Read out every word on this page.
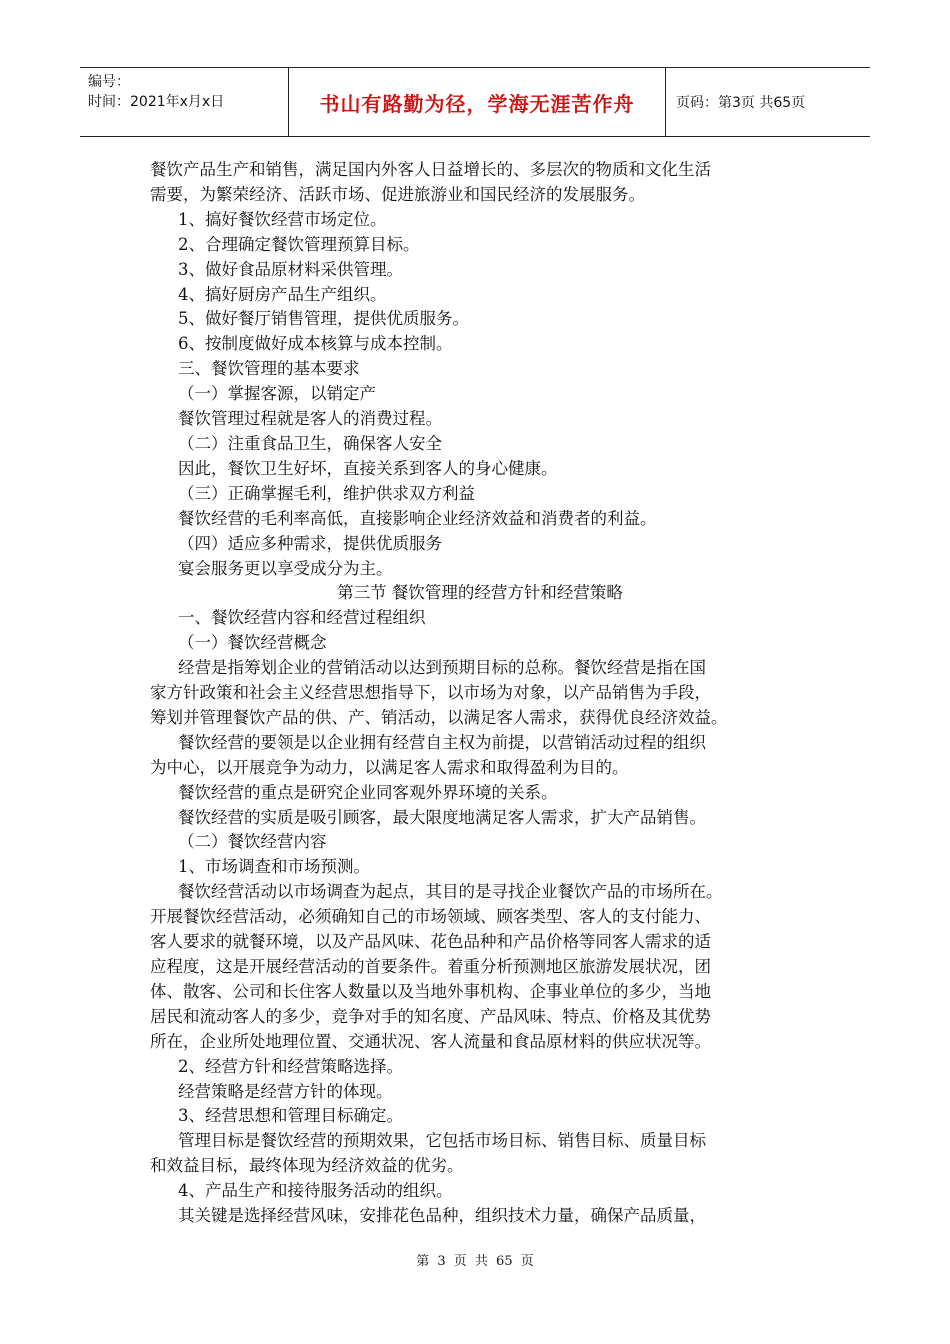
编号：
时间：2021年x月x日	书山有路勤为径，学海无涯苦作舟	页码：第3页 共65页

餐饮产品生产和销售，满足国内外客人日益增长的、多层次的物质和文化生活

需要，为繁荣经济、活跃市场、促进旅游业和国民经济的发展服务。

1、搞好餐饮经营市场定位。

2、合理确定餐饮管理预算目标。

3、做好食品原材料采供管理。

4、搞好厨房产品生产组织。

5、做好餐厅销售管理，提供优质服务。

6、按制度做好成本核算与成本控制。

三、餐饮管理的基本要求

（一）掌握客源，以销定产

餐饮管理过程就是客人的消费过程。

（二）注重食品卫生，确保客人安全

因此，餐饮卫生好坏，直接关系到客人的身心健康。

（三）正确掌握毛利，维护供求双方利益

餐饮经营的毛利率高低，直接影响企业经济效益和消费者的利益。

（四）适应多种需求，提供优质服务

宴会服务更以享受成分为主。

第三节 餐饮管理的经营方针和经营策略

一、餐饮经营内容和经营过程组织

（一）餐饮经营概念

经营是指筹划企业的营销活动以达到预期目标的总称。餐饮经营是指在国

家方针政策和社会主义经营思想指导下，以市场为对象，以产品销售为手段，

筹划并管理餐饮产品的供、产、销活动，以满足客人需求，获得优良经济效益。

餐饮经营的要领是以企业拥有经营自主权为前提，以营销活动过程的组织

为中心，以开展竞争为动力，以满足客人需求和取得盈利为目的。

餐饮经营的重点是研究企业同客观外界环境的关系。

餐饮经营的实质是吸引顾客，最大限度地满足客人需求，扩大产品销售。

（二）餐饮经营内容

1、市场调查和市场预测。

餐饮经营活动以市场调查为起点，其目的是寻找企业餐饮产品的市场所在。

开展餐饮经营活动，必须确知自己的市场领域、顾客类型、客人的支付能力、

客人要求的就餐环境，以及产品风味、花色品种和产品价格等同客人需求的适

应程度，这是开展经营活动的首要条件。着重分析预测地区旅游发展状况，团

体、散客、公司和长住客人数量以及当地外事机构、企事业单位的多少，当地

居民和流动客人的多少，竞争对手的知名度、产品风味、特点、价格及其优势

所在，企业所处地理位置、交通状况、客人流量和食品原材料的供应状况等。

2、经营方针和经营策略选择。

经营策略是经营方针的体现。

3、经营思想和管理目标确定。

管理目标是餐饮经营的预期效果，它包括市场目标、销售目标、质量目标

和效益目标，最终体现为经济效益的优劣。

4、产品生产和接待服务活动的组织。

其关键是选择经营风味，安排花色品种，组织技术力量，确保产品质量，

第 3 页 共 65 页
